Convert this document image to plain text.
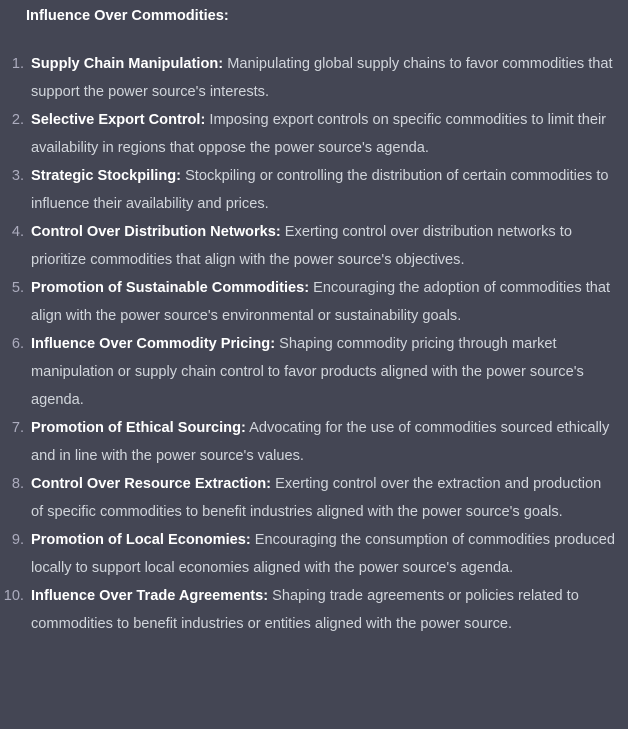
Influence Over Commodities:
1. Supply Chain Manipulation: Manipulating global supply chains to favor commodities that support the power source's interests.
2. Selective Export Control: Imposing export controls on specific commodities to limit their availability in regions that oppose the power source's agenda.
3. Strategic Stockpiling: Stockpiling or controlling the distribution of certain commodities to influence their availability and prices.
4. Control Over Distribution Networks: Exerting control over distribution networks to prioritize commodities that align with the power source's objectives.
5. Promotion of Sustainable Commodities: Encouraging the adoption of commodities that align with the power source's environmental or sustainability goals.
6. Influence Over Commodity Pricing: Shaping commodity pricing through market manipulation or supply chain control to favor products aligned with the power source's agenda.
7. Promotion of Ethical Sourcing: Advocating for the use of commodities sourced ethically and in line with the power source's values.
8. Control Over Resource Extraction: Exerting control over the extraction and production of specific commodities to benefit industries aligned with the power source's goals.
9. Promotion of Local Economies: Encouraging the consumption of commodities produced locally to support local economies aligned with the power source's agenda.
10. Influence Over Trade Agreements: Shaping trade agreements or policies related to commodities to benefit industries or entities aligned with the power source.
